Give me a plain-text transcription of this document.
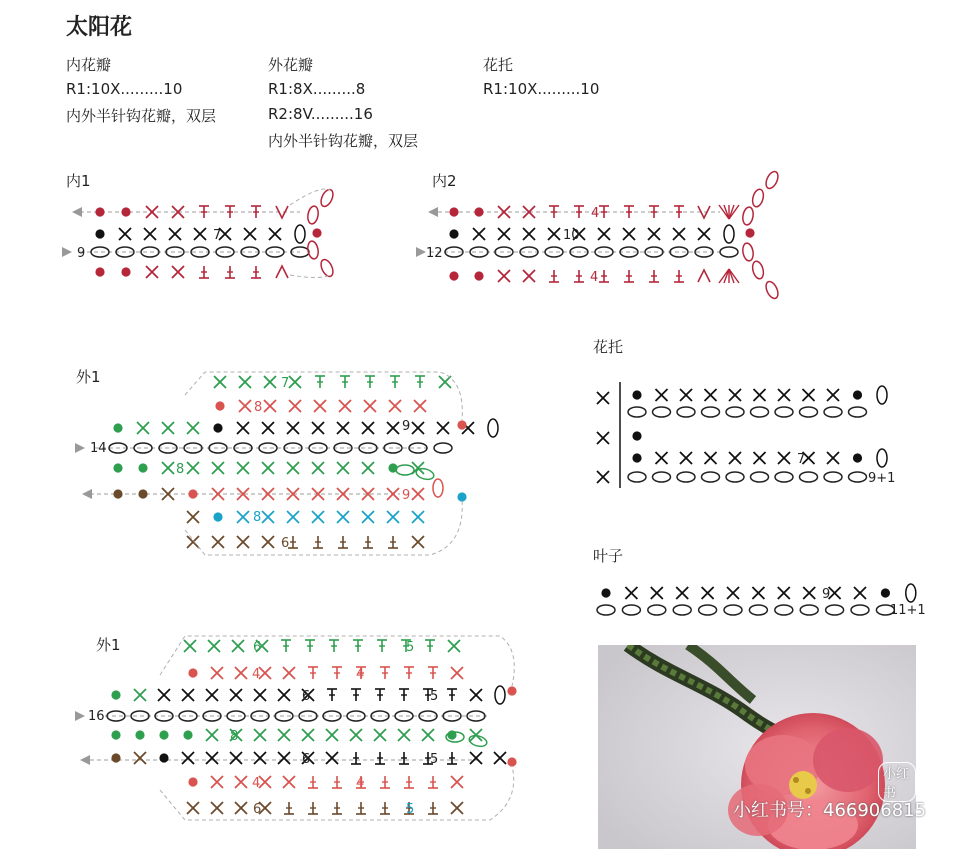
太阳花
内花瓣
R1:10X.........10
内外半针钩花瓣，双层
外花瓣
R1:8X.........8
R2:8V.........16
内外半针钩花瓣，双层
花托
R1:10X.........10
内1	内2
外1
外1
花托
叶子
7
9
4
10
12
4
7
8
9
14
8
9
8
6
6	5
4	4
6	5
16
8
6	5
4	4
6	5
7
9+1
9
11+1
小红书
小红书号：466906815
